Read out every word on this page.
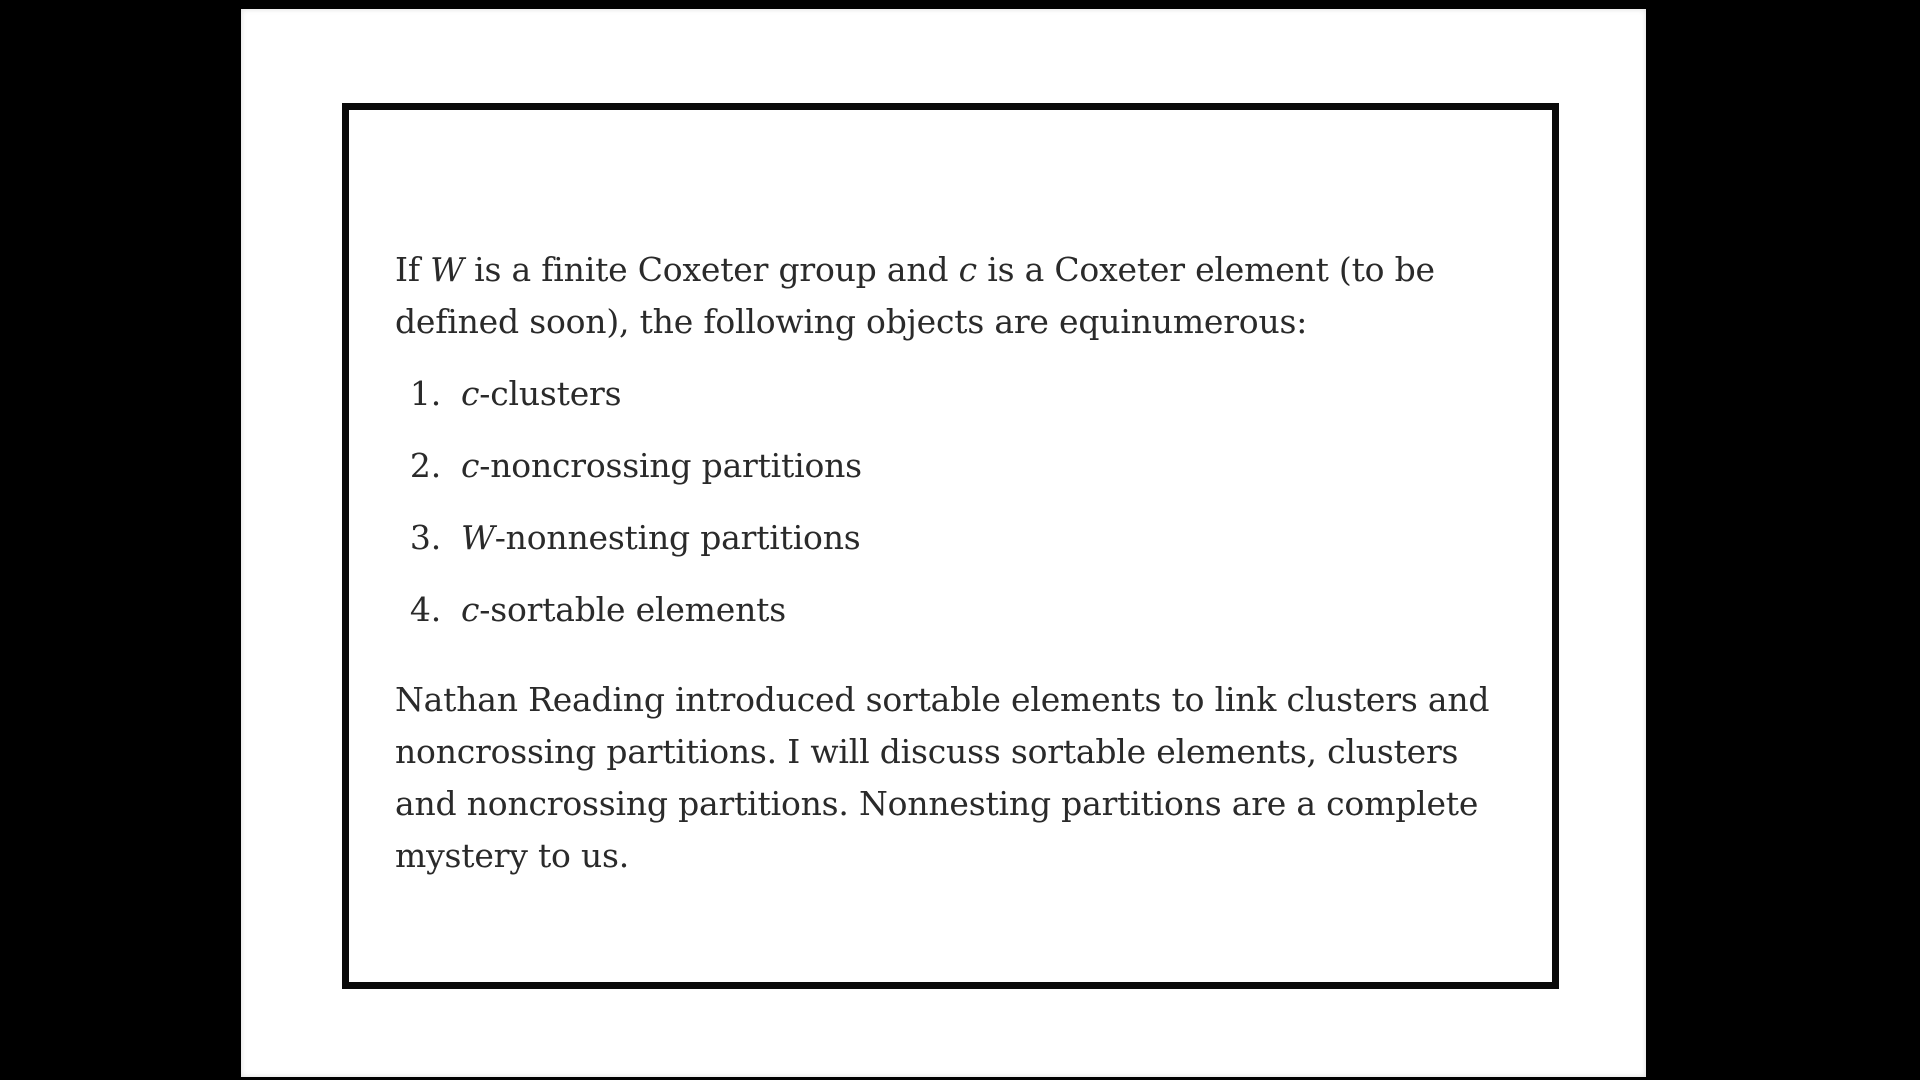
If W is a finite Coxeter group and c is a Coxeter element (to be defined soon), the following objects are equinumerous:

1. c-clusters
2. c-noncrossing partitions
3. W-nonnesting partitions
4. c-sortable elements

Nathan Reading introduced sortable elements to link clusters and noncrossing partitions. I will discuss sortable elements, clusters and noncrossing partitions. Nonnesting partitions are a complete mystery to us.
